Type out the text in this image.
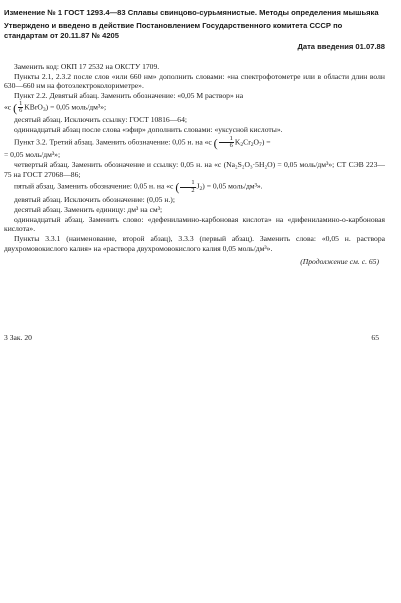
Изменение № 1 ГОСТ 1293.4—83 Сплавы свинцово-сурьмянистые. Методы определения мышьяка
Утверждено и введено в действие Постановлением Государственного комитета СССР по стандартам от 20.11.87 № 4205
Дата введения 01.07.88

Заменить код: ОКП 17 2532 на ОКСТУ 1709.

Пункты 2.1, 2.3.2 после слов «или 660 нм» дополнить словами: «на спектрофотометре или в области длин волн 630—660 нм на фотоэлектроколориметре».

Пункт 2.2. Девятый абзац. Заменить обозначение: «0,05 М раствор» на

«с ( $\frac{1}{6}$ KBrO$_3$) = 0,05 моль/дм³»;

десятый абзац. Исключить ссылку: ГОСТ 10816—64;

одиннадцатый абзац после слова «эфир» дополнить словами: «уксусной кислоты».

Пункт 3.2. Третий абзац. Заменить обозначение: 0,05 н. на «с ( $\frac{1}{6} K_2Cr_2O_7$) =

= 0,05 моль/дм³»;

четвертый абзац. Заменить обозначение и ссылку: 0,05 н. на «с (Na₂S₂O₃·5H₂O) = 0,05 моль/дм³»; СТ СЭВ 223—75 на ГОСТ 27068—86;

пятый абзац. Заменить обозначение: 0,05 н. на «с ( $\frac{1}{2} J_2) = 0,05$ моль/дм³».

девятый абзац. Исключить обозначение: (0,05 н.);

десятый абзац. Заменить единицу: дм³ на см³;

одиннадцатый абзац. Заменить слово: «дефениламино-карбоновая кислота» на «дифениламино-о-карбоновая кислота».

Пункты 3.3.1 (наименование, второй абзац), 3.3.3 (первый абзац). Заменить слова: «0,05 н. раствора двухромовокислого калия» на «раствора двухромовокислого калия 0,05 моль/дм³».

(Продолжение см. с. 65)

3 Зак. 20	65
